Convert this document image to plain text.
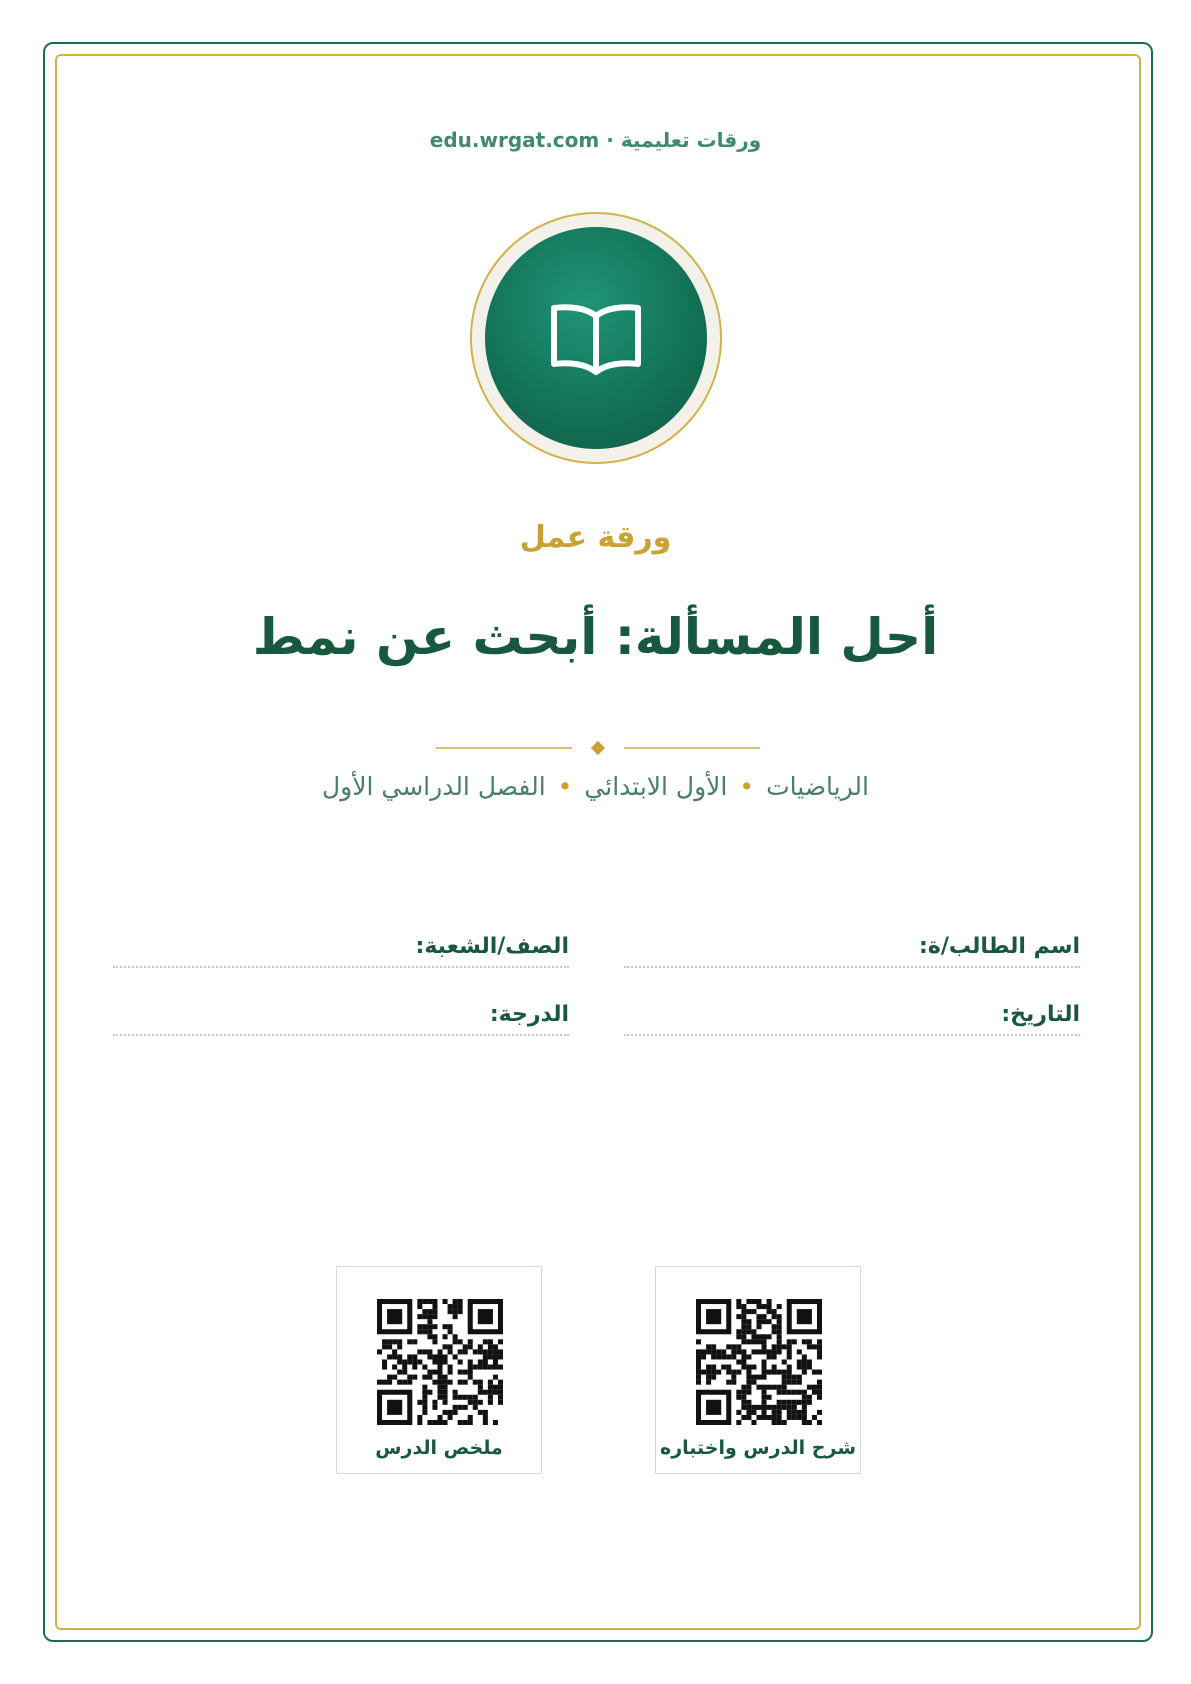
ورقات تعليمية · edu.wrgat.com
ورقة عمل
أحل المسألة: أبحث عن نمط
الرياضيات•الأول الابتدائي•الفصل الدراسي الأول
اسم الطالب/ة:
الصف/الشعبة:
التاريخ:
الدرجة:
شرح الدرس واختباره
ملخص الدرس
